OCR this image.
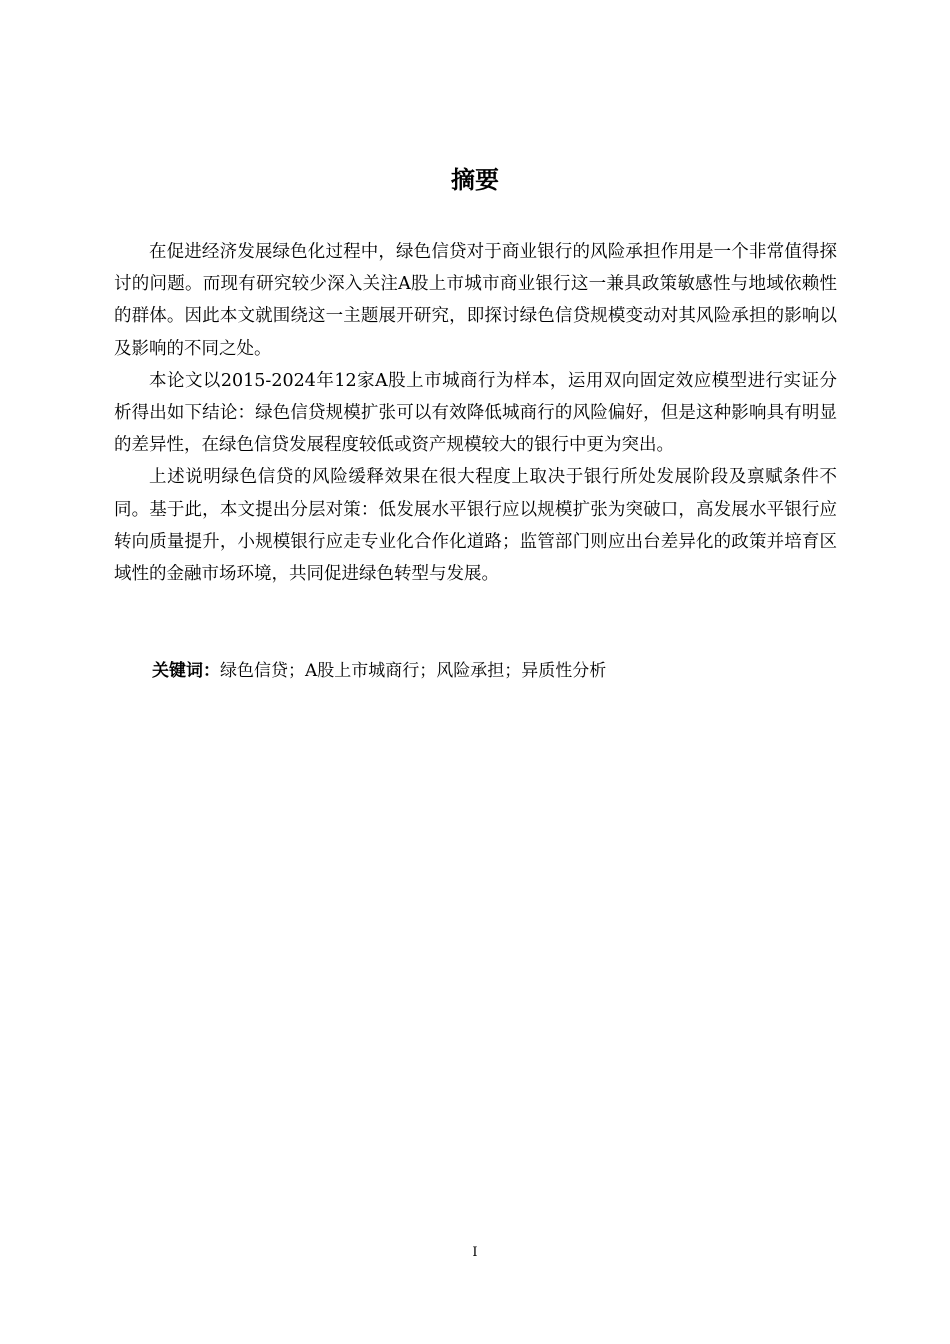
摘要

在促进经济发展绿色化过程中，绿色信贷对于商业银行的风险承担作用是一个非常值得探讨的问题。而现有研究较少深入关注A股上市城市商业银行这一兼具政策敏感性与地域依赖性的群体。因此本文就围绕这一主题展开研究，即探讨绿色信贷规模变动对其风险承担的影响以及影响的不同之处。

本论文以2015-2024年12家A股上市城商行为样本，运用双向固定效应模型进行实证分析得出如下结论：绿色信贷规模扩张可以有效降低城商行的风险偏好，但是这种影响具有明显的差异性，在绿色信贷发展程度较低或资产规模较大的银行中更为突出。

上述说明绿色信贷的风险缓释效果在很大程度上取决于银行所处发展阶段及禀赋条件不同。基于此，本文提出分层对策：低发展水平银行应以规模扩张为突破口，高发展水平银行应转向质量提升，小规模银行应走专业化合作化道路；监管部门则应出台差异化的政策并培育区域性的金融市场环境，共同促进绿色转型与发展。

关键词：绿色信贷；A股上市城商行；风险承担；异质性分析
I
